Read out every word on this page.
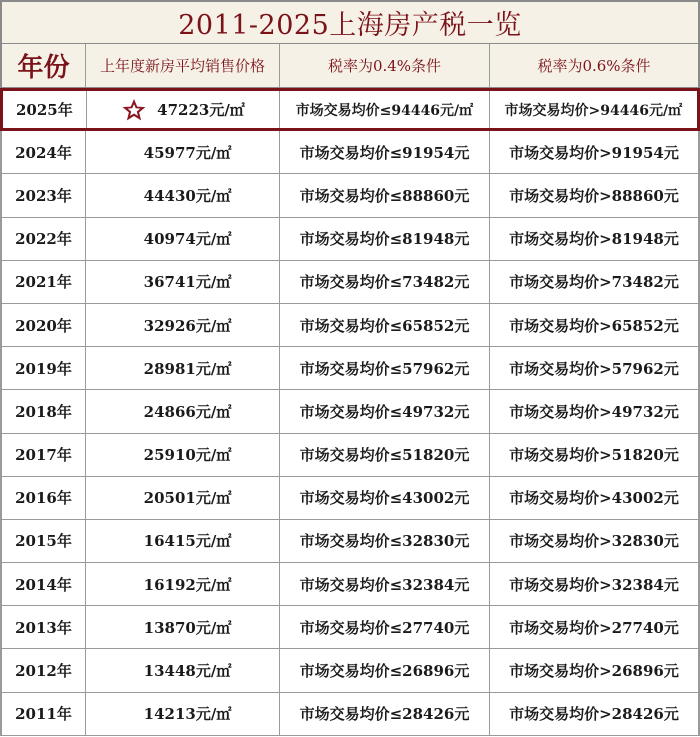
2011-2025上海房产税一览
年份 上年度新房平均销售价格	税率为0.4%条件	税率为0.6%条件
2025年	47223元/㎡	市场交易均价≤94446元/㎡ 市场交易均价>94446元/㎡
2024年	45977元/㎡	市场交易均价≤91954元	市场交易均价>91954元
2023年	44430元/㎡	市场交易均价≤88860元	市场交易均价>88860元
2022年	40974元/㎡	市场交易均价≤81948元	市场交易均价>81948元
2021年	36741元/㎡	市场交易均价≤73482元	市场交易均价>73482元
2020年	32926元/㎡	市场交易均价≤65852元	市场交易均价>65852元
2019年	28981元/㎡	市场交易均价≤57962元	市场交易均价>57962元
2018年	24866元/㎡	市场交易均价≤49732元	市场交易均价>49732元
2017年	25910元/㎡	市场交易均价≤51820元	市场交易均价>51820元
2016年	20501元/㎡	市场交易均价≤43002元	市场交易均价>43002元
2015年	16415元/㎡	市场交易均价≤32830元	市场交易均价>32830元
2014年	16192元/㎡	市场交易均价≤32384元	市场交易均价>32384元
2013年	13870元/㎡	市场交易均价≤27740元	市场交易均价>27740元
2012年	13448元/㎡	市场交易均价≤26896元	市场交易均价>26896元
2011年	14213元/㎡	市场交易均价≤28426元	市场交易均价>28426元
